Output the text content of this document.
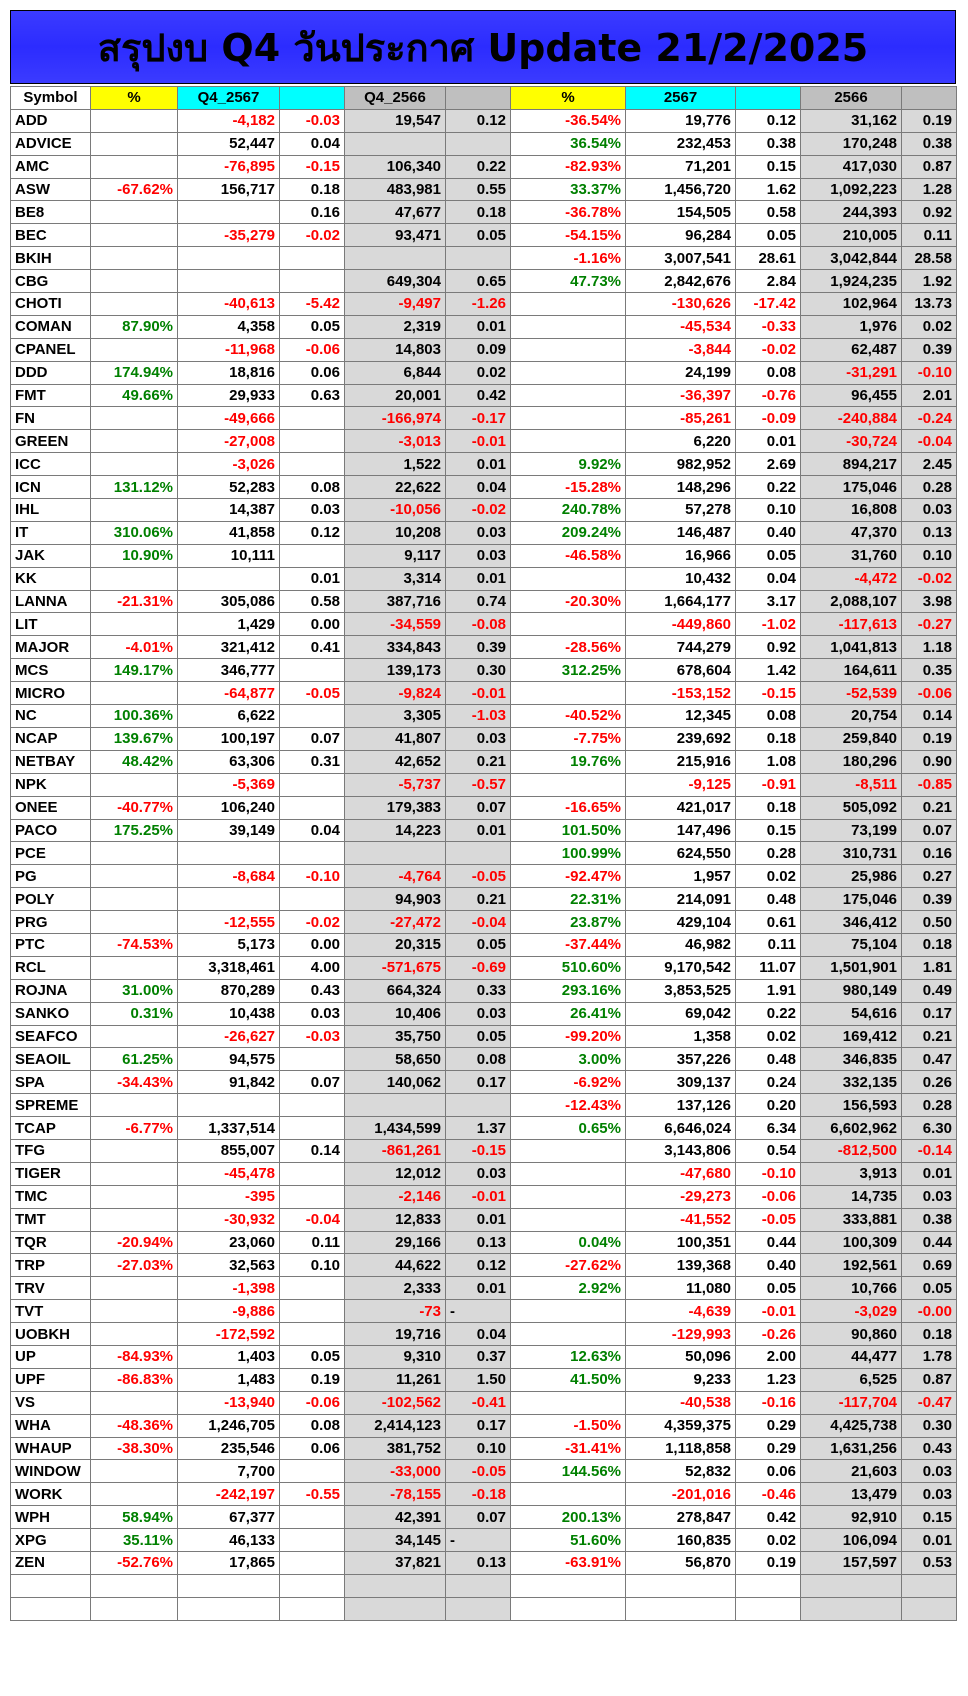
สรุปงบ Q4 วันประกาศ Update 21/2/2025
Symbol	%	Q4_2567		Q4_2566		%	2567		2566	
ADD		-4,182	-0.03	19,547	0.12	-36.54%	19,776	0.12	31,162	0.19
ADVICE		52,447	0.04			36.54%	232,453	0.38	170,248	0.38
AMC		-76,895	-0.15	106,340	0.22	-82.93%	71,201	0.15	417,030	0.87
ASW	-67.62%	156,717	0.18	483,981	0.55	33.37%	1,456,720	1.62	1,092,223	1.28
BE8			0.16	47,677	0.18	-36.78%	154,505	0.58	244,393	0.92
BEC		-35,279	-0.02	93,471	0.05	-54.15%	96,284	0.05	210,005	0.11
BKIH						-1.16%	3,007,541	28.61	3,042,844	28.58
CBG				649,304	0.65	47.73%	2,842,676	2.84	1,924,235	1.92
CHOTI		-40,613	-5.42	-9,497	-1.26		-130,626	-17.42	102,964	13.73
COMAN	87.90%	4,358	0.05	2,319	0.01		-45,534	-0.33	1,976	0.02
CPANEL		-11,968	-0.06	14,803	0.09		-3,844	-0.02	62,487	0.39
DDD	174.94%	18,816	0.06	6,844	0.02		24,199	0.08	-31,291	-0.10
FMT	49.66%	29,933	0.63	20,001	0.42		-36,397	-0.76	96,455	2.01
FN		-49,666		-166,974	-0.17		-85,261	-0.09	-240,884	-0.24
GREEN		-27,008		-3,013	-0.01		6,220	0.01	-30,724	-0.04
ICC		-3,026		1,522	0.01	9.92%	982,952	2.69	894,217	2.45
ICN	131.12%	52,283	0.08	22,622	0.04	-15.28%	148,296	0.22	175,046	0.28
IHL		14,387	0.03	-10,056	-0.02	240.78%	57,278	0.10	16,808	0.03
IT	310.06%	41,858	0.12	10,208	0.03	209.24%	146,487	0.40	47,370	0.13
JAK	10.90%	10,111		9,117	0.03	-46.58%	16,966	0.05	31,760	0.10
KK			0.01	3,314	0.01		10,432	0.04	-4,472	-0.02
LANNA	-21.31%	305,086	0.58	387,716	0.74	-20.30%	1,664,177	3.17	2,088,107	3.98
LIT		1,429	0.00	-34,559	-0.08		-449,860	-1.02	-117,613	-0.27
MAJOR	-4.01%	321,412	0.41	334,843	0.39	-28.56%	744,279	0.92	1,041,813	1.18
MCS	149.17%	346,777		139,173	0.30	312.25%	678,604	1.42	164,611	0.35
MICRO		-64,877	-0.05	-9,824	-0.01		-153,152	-0.15	-52,539	-0.06
NC	100.36%	6,622		3,305	-1.03	-40.52%	12,345	0.08	20,754	0.14
NCAP	139.67%	100,197	0.07	41,807	0.03	-7.75%	239,692	0.18	259,840	0.19
NETBAY	48.42%	63,306	0.31	42,652	0.21	19.76%	215,916	1.08	180,296	0.90
NPK		-5,369		-5,737	-0.57		-9,125	-0.91	-8,511	-0.85
ONEE	-40.77%	106,240		179,383	0.07	-16.65%	421,017	0.18	505,092	0.21
PACO	175.25%	39,149	0.04	14,223	0.01	101.50%	147,496	0.15	73,199	0.07
PCE						100.99%	624,550	0.28	310,731	0.16
PG		-8,684	-0.10	-4,764	-0.05	-92.47%	1,957	0.02	25,986	0.27
POLY				94,903	0.21	22.31%	214,091	0.48	175,046	0.39
PRG		-12,555	-0.02	-27,472	-0.04	23.87%	429,104	0.61	346,412	0.50
PTC	-74.53%	5,173	0.00	20,315	0.05	-37.44%	46,982	0.11	75,104	0.18
RCL		3,318,461	4.00	-571,675	-0.69	510.60%	9,170,542	11.07	1,501,901	1.81
ROJNA	31.00%	870,289	0.43	664,324	0.33	293.16%	3,853,525	1.91	980,149	0.49
SANKO	0.31%	10,438	0.03	10,406	0.03	26.41%	69,042	0.22	54,616	0.17
SEAFCO		-26,627	-0.03	35,750	0.05	-99.20%	1,358	0.02	169,412	0.21
SEAOIL	61.25%	94,575		58,650	0.08	3.00%	357,226	0.48	346,835	0.47
SPA	-34.43%	91,842	0.07	140,062	0.17	-6.92%	309,137	0.24	332,135	0.26
SPREME						-12.43%	137,126	0.20	156,593	0.28
TCAP	-6.77%	1,337,514		1,434,599	1.37	0.65%	6,646,024	6.34	6,602,962	6.30
TFG		855,007	0.14	-861,261	-0.15		3,143,806	0.54	-812,500	-0.14
TIGER		-45,478		12,012	0.03		-47,680	-0.10	3,913	0.01
TMC		-395		-2,146	-0.01		-29,273	-0.06	14,735	0.03
TMT		-30,932	-0.04	12,833	0.01		-41,552	-0.05	333,881	0.38
TQR	-20.94%	23,060	0.11	29,166	0.13	0.04%	100,351	0.44	100,309	0.44
TRP	-27.03%	32,563	0.10	44,622	0.12	-27.62%	139,368	0.40	192,561	0.69
TRV		-1,398		2,333	0.01	2.92%	11,080	0.05	10,766	0.05
TVT		-9,886		-73	-		-4,639	-0.01	-3,029	-0.00
UOBKH		-172,592		19,716	0.04		-129,993	-0.26	90,860	0.18
UP	-84.93%	1,403	0.05	9,310	0.37	12.63%	50,096	2.00	44,477	1.78
UPF	-86.83%	1,483	0.19	11,261	1.50	41.50%	9,233	1.23	6,525	0.87
VS		-13,940	-0.06	-102,562	-0.41		-40,538	-0.16	-117,704	-0.47
WHA	-48.36%	1,246,705	0.08	2,414,123	0.17	-1.50%	4,359,375	0.29	4,425,738	0.30
WHAUP	-38.30%	235,546	0.06	381,752	0.10	-31.41%	1,118,858	0.29	1,631,256	0.43
WINDOW		7,700		-33,000	-0.05	144.56%	52,832	0.06	21,603	0.03
WORK		-242,197	-0.55	-78,155	-0.18		-201,016	-0.46	13,479	0.03
WPH	58.94%	67,377		42,391	0.07	200.13%	278,847	0.42	92,910	0.15
XPG	35.11%	46,133		34,145	-	51.60%	160,835	0.02	106,094	0.01
ZEN	-52.76%	17,865		37,821	0.13	-63.91%	56,870	0.19	157,597	0.53
